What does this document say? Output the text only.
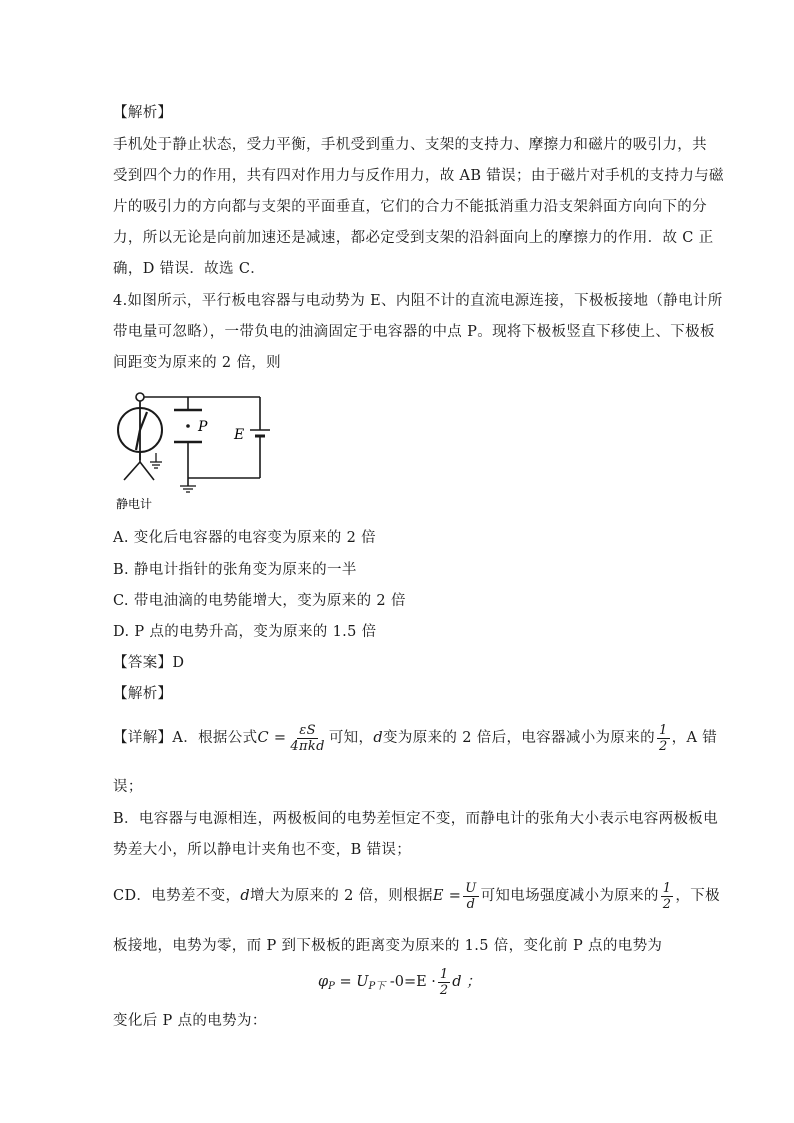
【解析】
手机处于静止状态，受力平衡，手机受到重力、支架的支持力、摩擦力和磁片的吸引力，共
受到四个力的作用，共有四对作用力与反作用力，故 AB 错误；由于磁片对手机的支持力与磁
片的吸引力的方向都与支架的平面垂直，它们的合力不能抵消重力沿支架斜面方向向下的分
力，所以无论是向前加速还是减速，都必定受到支架的沿斜面向上的摩擦力的作用．故 C 正
确，D 错误．故选 C．
4.如图所示，平行板电容器与电动势为 E、内阻不计的直流电源连接，下极板接地（静电计所
带电量可忽略），一带负电的油滴固定于电容器的中点 P。现将下极板竖直下移使上、下极板
间距变为原来的 2 倍，则
P E
静电计
A. 变化后电容器的电容变为原来的 2 倍
B. 静电计指针的张角变为原来的一半
C. 带电油滴的电势能增大，变为原来的 2 倍
D. P 点的电势升高，变为原来的 1.5 倍
【答案】D
【解析】
【详解】A．根据公式$C = \frac{\varepsilon S}{\text{4πkd}}$ 可知，d变为原来的 2 倍后，电容器减小为原来的 $\frac{1}{2}$ ，A 错
误；
B．电容器与电源相连，两极板间的电势差恒定不变，而静电计的张角大小表示电容两极板电
势差大小，所以静电计夹角也不变，B 错误；
CD．电势差不变，d增大为原来的 2 倍，则根据$E = \frac{U}{d}$ 可知电场强度减小为原来的 $\frac{1}{2}$ ，下极
板接地，电势为零，而 P 到下极板的距离变为原来的 1.5 倍，变化前 P 点的电势为
$\varphi_P = U_{P下}$ $-0=E \cdot \frac{1}{2}$ d ；
变化后 P 点的电势为：
